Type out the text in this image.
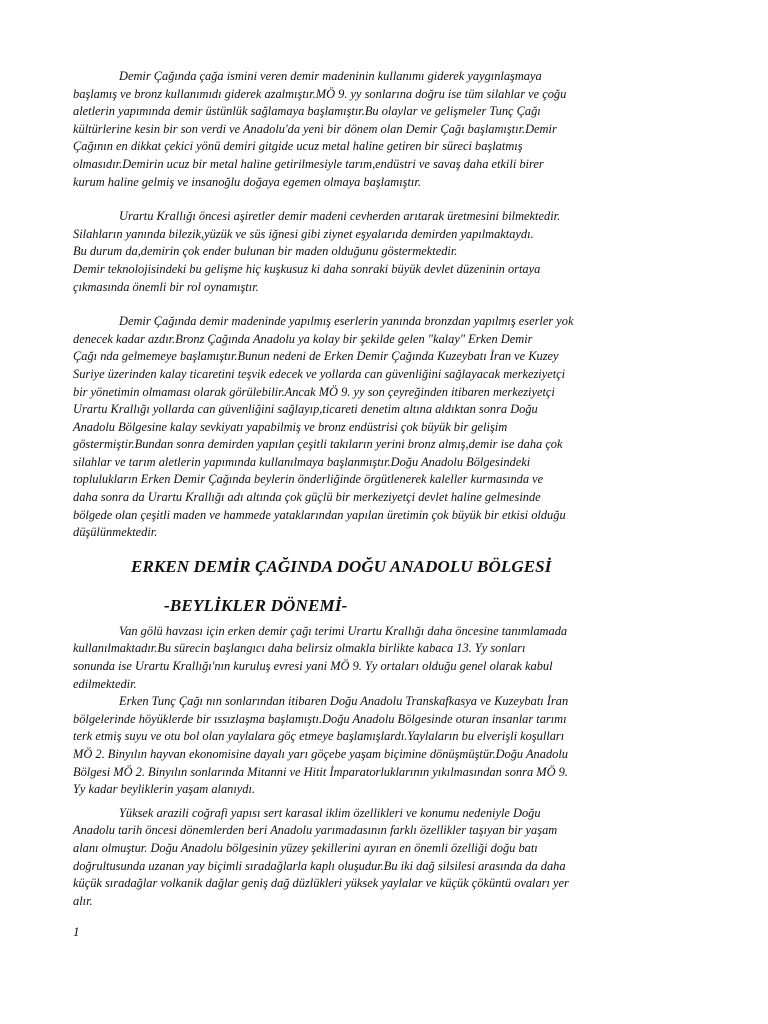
Demir Çağında çağa ismini veren demir madeninin kullanımı giderek yaygınlaşmaya
başlamış ve bronz kullanımıdı giderek azalmıştır.MÖ 9. yy sonlarına doğru ise tüm silahlar ve çoğu
aletlerin yapımında demir üstünlük sağlamaya başlamıştır.Bu olaylar ve gelişmeler Tunç Çağı
kültürlerine kesin bir son verdi ve Anadolu'da yeni bir dönem olan Demir Çağı başlamıştır.Demir
Çağının en dikkat çekici yönü demiri gitgide ucuz metal haline getiren bir süreci başlatmış
olmasıdır.Demirin ucuz bir metal haline getirilmesiyle tarım,endüstri ve savaş daha etkili birer
kurum haline gelmiş ve insanoğlu doğaya egemen olmaya başlamıştır.

Urartu Krallığı öncesi aşiretler demir madeni cevherden arıtarak üretmesini bilmektedir.
Silahların yanında bilezik,yüzük ve süs iğnesi gibi ziynet eşyalarıda demirden yapılmaktaydı.
Bu durum da,demirin çok ender bulunan bir maden olduğunu göstermektedir.
Demir teknolojisindeki bu gelişme hiç kuşkusuz ki daha sonraki büyük devlet düzeninin ortaya
çıkmasında önemli bir rol oynamıştır.

Demir Çağında demir madeninde yapılmış eserlerin yanında bronzdan yapılmış eserler yok
denecek kadar azdır.Bronz Çağında Anadolu ya kolay bir şekilde gelen "kalay" Erken Demir
Çağı nda gelmemeye başlamıştır.Bunun nedeni de Erken Demir Çağında Kuzeybatı İran ve Kuzey
Suriye üzerinden kalay ticaretini teşvik edecek ve yollarda can güvenliğini sağlayacak merkeziyetçi
bir yönetimin olmaması olarak görülebilir.Ancak MÖ 9. yy son çeyreğinden itibaren merkeziyetçi
Urartu Krallığı yollarda can güvenliğini sağlayıp,ticareti denetim altına aldıktan sonra Doğu
Anadolu Bölgesine kalay sevkiyatı yapabilmiş ve bronz endüstrisi çok büyük bir gelişim
göstermiştir.Bundan sonra demirden yapılan çeşitli takıların yerini bronz almış,demir ise daha çok
silahlar ve tarım aletlerin yapımında kullanılmaya başlanmıştır.Doğu Anadolu Bölgesindeki
toplulukların Erken Demir Çağında beylerin önderliğinde örgütlenerek kaleller kurmasında ve
daha sonra da Urartu Krallığı adı altında çok güçlü bir merkeziyetçi devlet haline gelmesinde
bölgede olan çeşitli maden ve hammede yataklarından yapılan üretimin çok büyük bir etkisi olduğu
düşülünmektedir.

ERKEN DEMİR ÇAĞINDA DOĞU ANADOLU BÖLGESİ
-BEYLİKLER DÖNEMİ-

Van gölü havzası için erken demir çağı terimi Urartu Krallığı daha öncesine tanımlamada
kullanılmaktadır.Bu sürecin başlangıcı daha belirsiz olmakla birlikte kabaca 13. Yy sonları
sonunda ise Urartu Krallığı'nın kuruluş evresi yani MÖ 9. Yy ortaları olduğu genel olarak kabul
edilmektedir.

Erken Tunç Çağı nın sonlarından itibaren Doğu Anadolu Transkafkasya ve Kuzeybatı İran
bölgelerinde höyüklerde bir ıssızlaşma başlamıştı.Doğu Anadolu Bölgesinde oturan insanlar tarımı
terk etmiş suyu ve otu bol olan yaylalara göç etmeye başlamışlardı.Yaylaların bu elverişli koşulları
MÖ 2. Binyılın hayvan ekonomisine dayalı yarı göçebe yaşam biçimine dönüşmüştür.Doğu Anadolu
Bölgesi MÖ 2. Binyılın sonlarında Mitanni ve Hitit İmparatorluklarının yıkılmasından sonra MÖ 9.
Yy kadar beyliklerin yaşam alanıydı.

Yüksek arazili coğrafi yapısı sert karasal iklim özellikleri ve konumu nedeniyle Doğu
Anadolu tarih öncesi dönemlerden beri Anadolu yarımadasının farklı özellikler taşıyan bir yaşam
alanı olmuştur. Doğu Anadolu bölgesinin yüzey şekillerini ayıran en önemli özelliği doğu batı
doğrultusunda uzanan yay biçimli sıradağlarla kaplı oluşudur.Bu iki dağ silsilesi arasında da daha
küçük sıradağlar volkanik dağlar geniş dağ düzlükleri yüksek yaylalar ve küçük çöküntü ovaları yer
alır.

1
